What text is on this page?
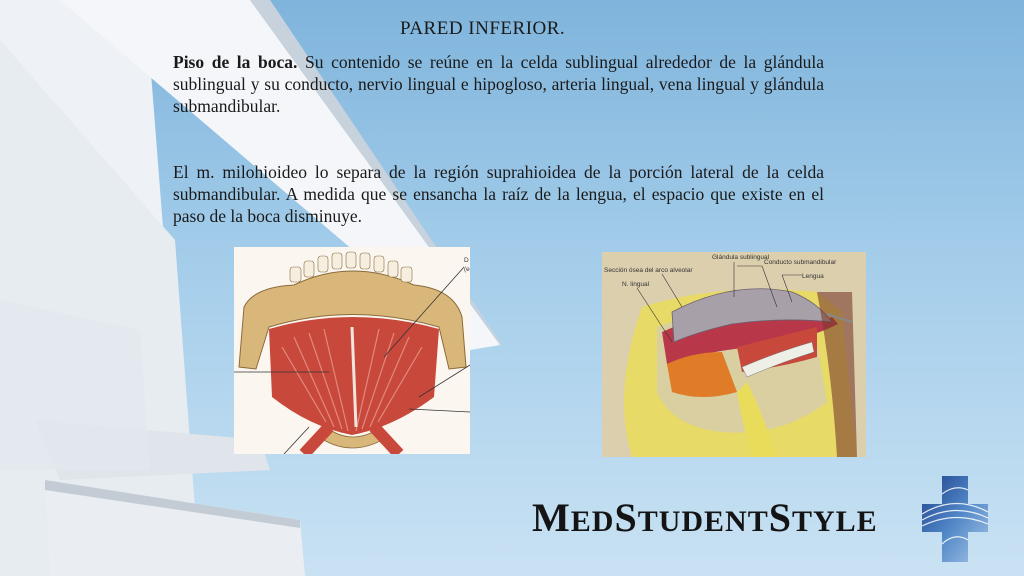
PARED INFERIOR.

Piso de la boca. Su contenido se reúne en la celda sublingual alrededor de la glándula sublingual y su conducto, nervio lingual e hipogloso, arteria lingual, vena lingual y glándula submandibular.

El m. milohioideo lo separa de la región suprahioidea de la porción lateral de la celda submandibular. A medida que se ensancha la raíz de la lengua, el espacio que existe en el paso de la boca disminuye.

D
(e
Glándula sublingual
Conducto submandibular
Sección ósea del arco alveolar
Lengua
N. lingual
MEDSTUDENTSTYLE
